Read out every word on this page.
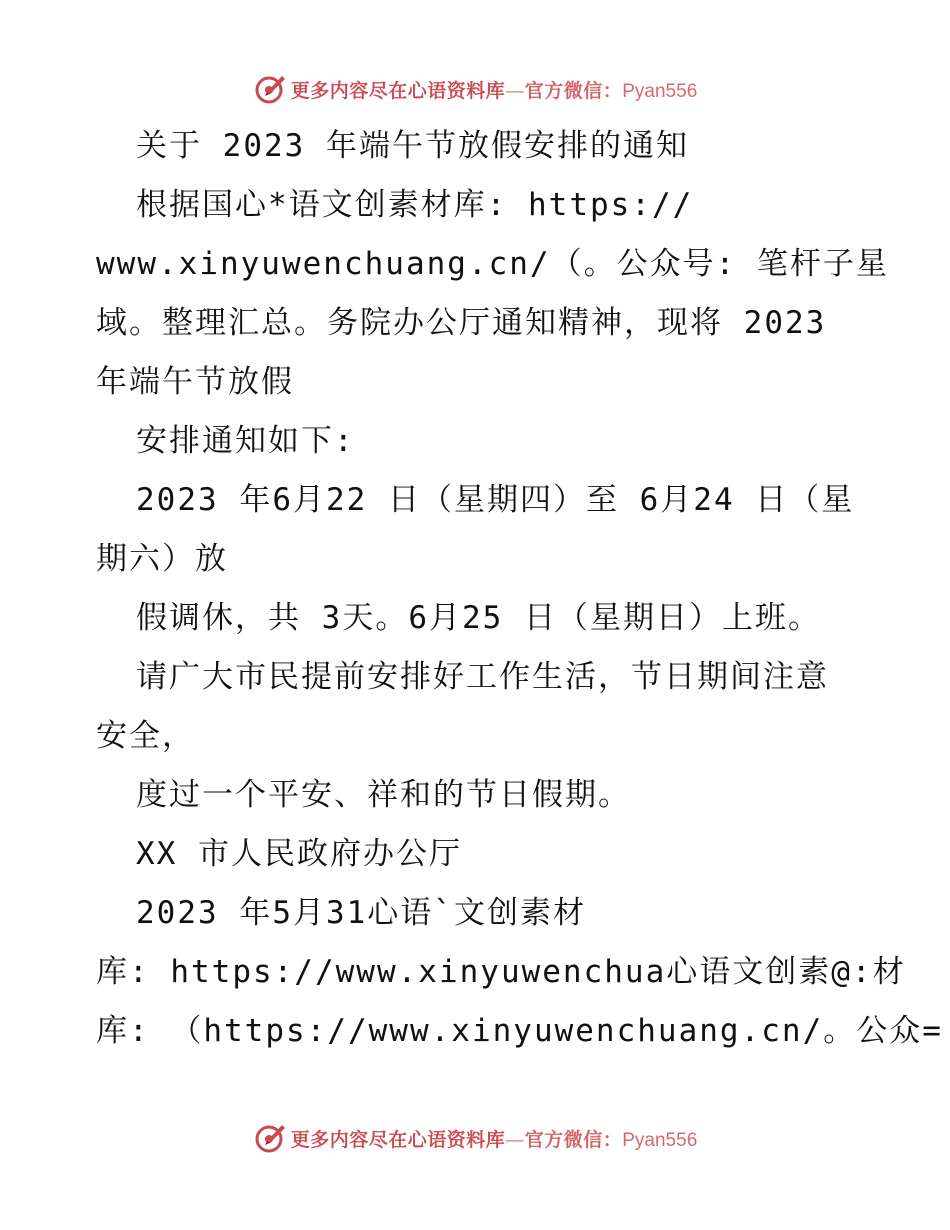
更多内容尽在心语资料库—官方微信：Pyan556
关于 2023 年端午节放假安排的通知
根据国心*语文创素材库: https://
www.xinyuwenchuang.cn/（。公众号: 笔杆子星
域。整理汇总。务院办公厅通知精神，现将 2023
年端午节放假
安排通知如下:
2023 年6月22 日（星期四）至 6月24 日（星
期六）放
假调休，共 3天。6月25 日（星期日）上班。
请广大市民提前安排好工作生活，节日期间注意
安全，
度过一个平安、祥和的节日假期。
XX 市人民政府办公厅
2023 年5月31心语`文创素材
库: https://www.xinyuwenchua心语文创素@:材
库: （https://www.xinyuwenchuang.cn/。公众=
更多内容尽在心语资料库—官方微信：Pyan556
